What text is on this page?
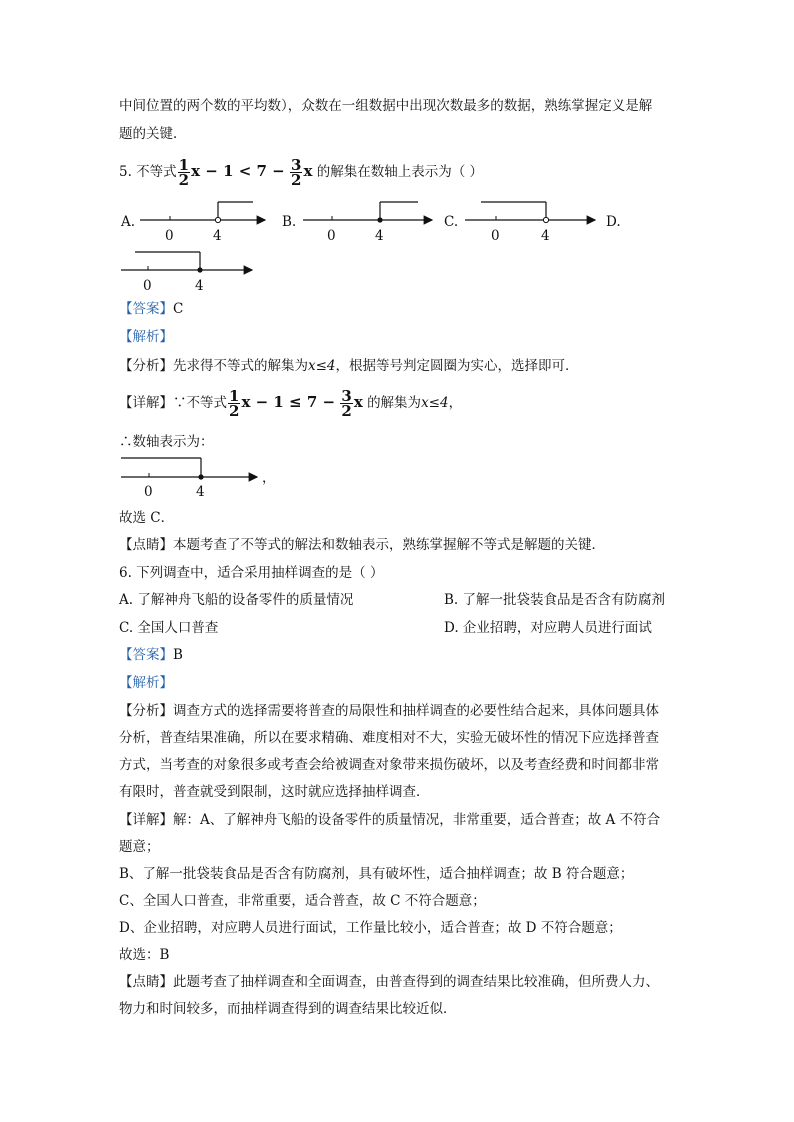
中间位置的两个数的平均数），众数在一组数据中出现次数最多的数据，熟练掌握定义是解
题的关键．
5. 不等式 $\frac{1}{2}$ $x - 1 < 7 - \frac{3}{2}$ x 的解集在数轴上表示为（ ）
A.
0	4
B.
0	4
C.
0	4
D.
0	4
【答案】C
【解析】
【分析】先求得不等式的解集为x≤4，根据等号判定圆圈为实心，选择即可．
【详解】∵不等式 $\frac{1}{2}$ $x - 1 \le 7 - \frac{3}{2}$ x 的解集为x≤4，
∴数轴表示为：
0	4
，
故选 C．
【点睛】本题考查了不等式的解法和数轴表示，熟练掌握解不等式是解题的关键．
6. 下列调查中，适合采用抽样调查的是（ ）
A. 了解神舟飞船的设备零件的质量情况	B. 了解一批袋装食品是否含有防腐剂
C. 全国人口普查	D. 企业招聘，对应聘人员进行面试
【答案】B
【解析】
【分析】调查方式的选择需要将普查的局限性和抽样调查的必要性结合起来，具体问题具体
分析，普查结果准确，所以在要求精确、难度相对不大，实验无破坏性的情况下应选择普查
方式，当考查的对象很多或考查会给被调查对象带来损伤破坏，以及考查经费和时间都非常
有限时，普查就受到限制，这时就应选择抽样调查．
【详解】解：A、了解神舟飞船的设备零件的质量情况，非常重要，适合普查；故 A 不符合
题意；
B、了解一批袋装食品是否含有防腐剂，具有破坏性，适合抽样调查；故 B 符合题意；
C、全国人口普查，非常重要，适合普查，故 C 不符合题意；
D、企业招聘，对应聘人员进行面试，工作量比较小，适合普查；故 D 不符合题意；
故选：B
【点睛】此题考查了抽样调查和全面调查，由普查得到的调查结果比较准确，但所费人力、
物力和时间较多，而抽样调查得到的调查结果比较近似．
